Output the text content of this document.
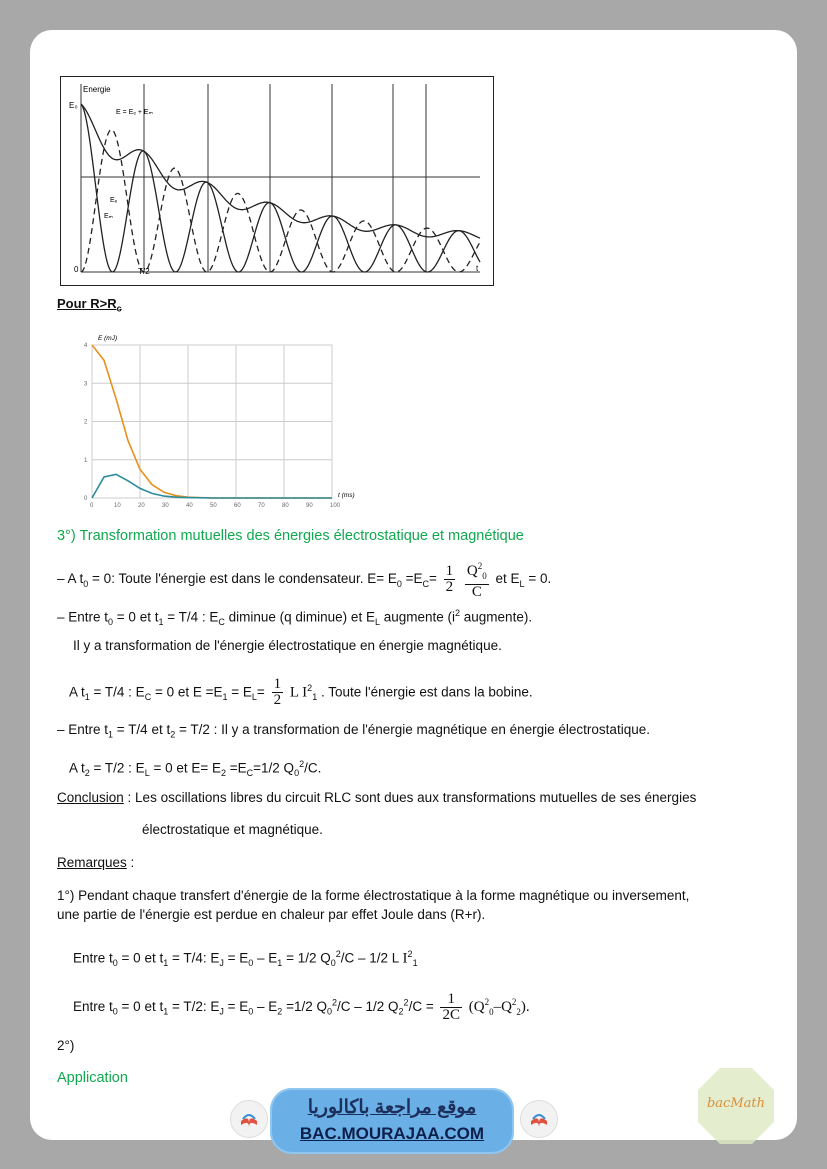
Energie
E₀
0
E = Eₑ + Eₘ
Eₑ
Eₘ
T/2	t
Pour $R>R_c$
0	10	20	30	40	50	60	70	80	90	100
0
1
2
3
4
E (mJ)
t (ms)
3°) Transformation mutuelles des énergies électrostatique et magnétique
– A $t_0 = 0$: Toute l'énergie est dans le condensateur. $E= E_0 =E_C= \frac{1}{2}$
$\frac{Q^2_0}{C}$ et $E_L = 0$.
– Entre $t_0 = 0$ et $t_1 = T/4$ : $E_C$ diminue (q diminue) et $E_L$ augmente ($i^2$ augmente).
Il y a transformation de l'énergie électrostatique en énergie magnétique.
A $t_1 = T/4$ : $E_C = 0$ et $E =E_1 = E_L= \frac{1}{2}$ L $I^2_1$ . Toute l'énergie est dans la bobine.
– Entre $t_1 = T/4$ et $t_2 = T/2$ : Il y a transformation de l'énergie magnétique en énergie électrostatique.
A $t_2 = T/2$ : $E_L = 0$ et $E= E_2 =E_C=1/2$ $Q_0^2/C$.
Conclusion : Les oscillations libres du circuit RLC sont dues aux transformations mutuelles de ses énergies
électrostatique et magnétique.
Remarques :
1°) Pendant chaque transfert d'énergie de la forme électrostatique à la forme magnétique ou inversement,
une partie de l'énergie est perdue en chaleur par effet Joule dans (R+r).
Entre $t_0 = 0$ et $t_1 = T/4$: $E_J = E_0 - E_1 = 1/2$ $Q_0^2/C - 1/2$ L $I^2_1$
Entre $t_0 = 0$ et $t_1 = T/2$: $E_J = E_0 - E_2 =1/2$ $Q_0^2/C - 1/2$ $Q_2^2/C = \frac{1}{2C} (Q^2_0-Q^2_2)$.
2°)
Application
موقع مراجعة باكالوريا
BAC.MOURAJAA.COM
bacMath
